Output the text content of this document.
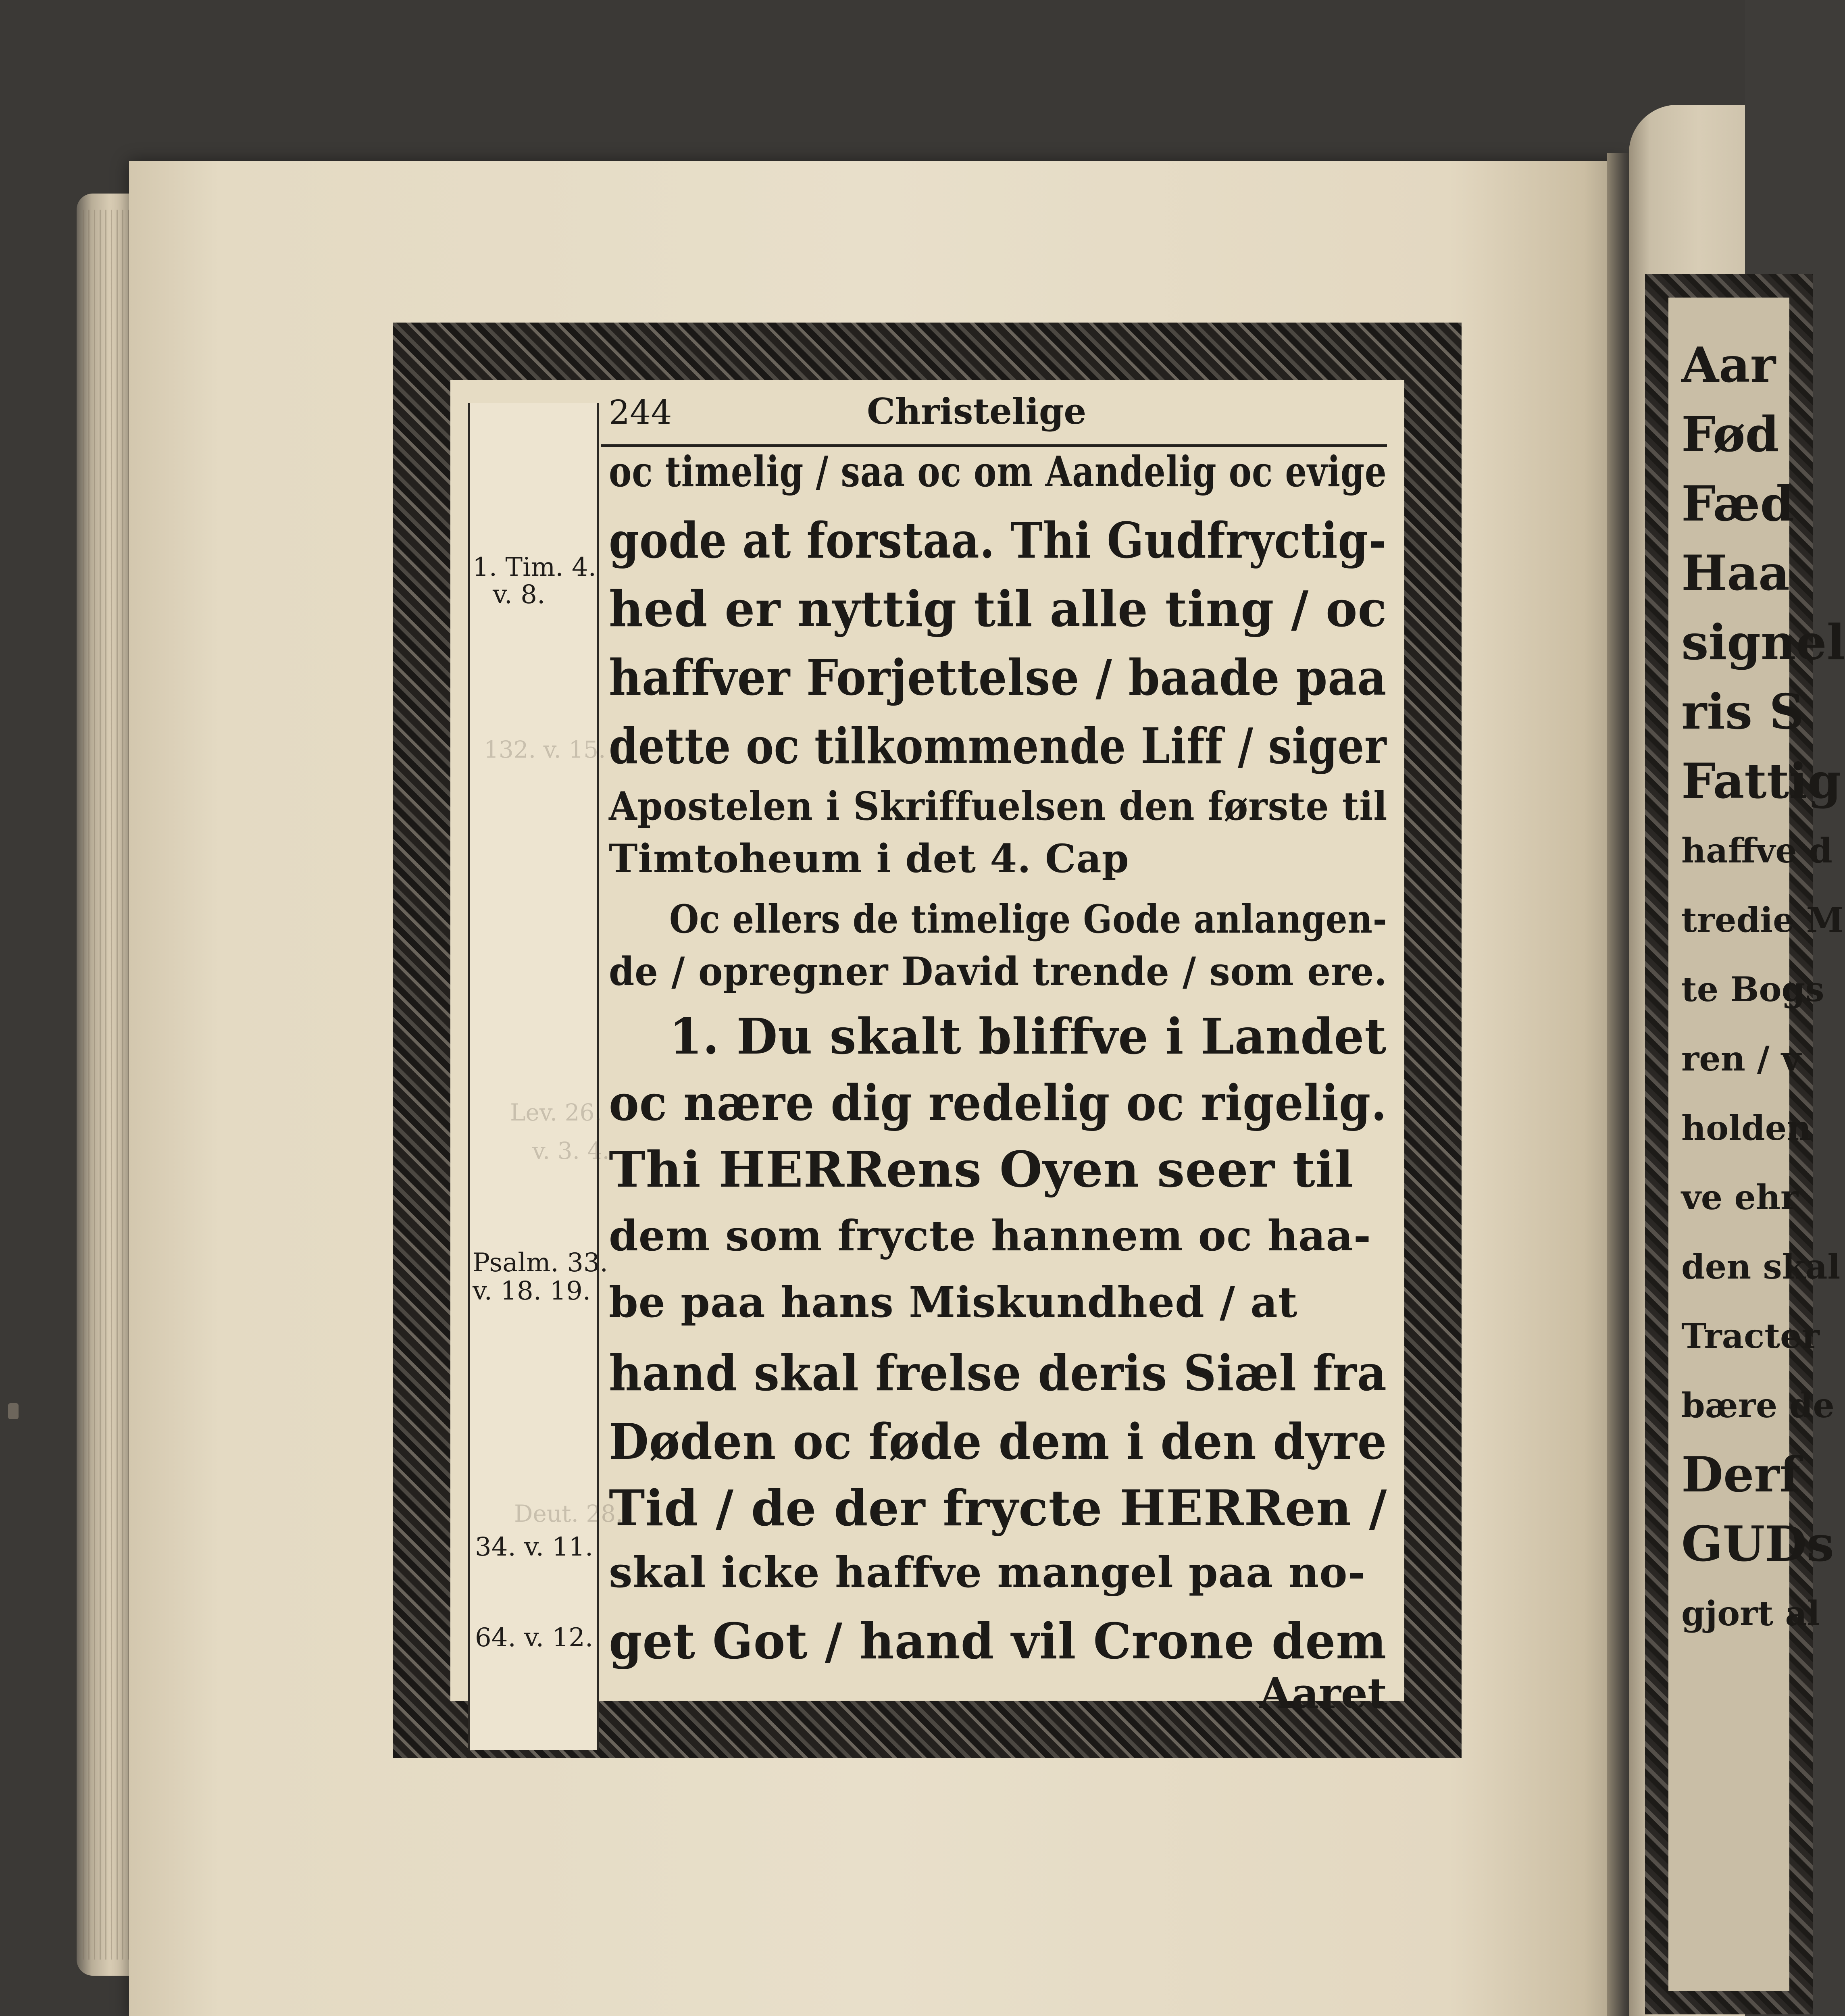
Aar
Fød
Fæd
Haa
signel
ris S
Fattig
haffve d
tredie M
te Bogs
ren / v
holden
ve ehr
den skal
Tracter
bære de
Derf
GUDs
gjort al
132. v. 15.
Lev. 26.
v. 3. 4.
Deut. 28.
1. Tim. 4.
v. 8.
Psalm. 33.
v. 18. 19.
34. v. 11.
64. v. 12.
244	Christelige
oc timelig / saa oc om Aandelig oc evige
gode at forstaa. Thi Gudfryctig-
hed er nyttig til alle ting / oc
haffver Forjettelse / baade paa
dette oc tilkommende Liff / siger
Apostelen i Skriffuelsen den første til
Timtoheum i det 4. Cap
Oc ellers de timelige Gode anlangen-
de / opregner David trende / som ere.
1. Du skalt bliffve i Landet
oc nære dig redelig oc rigelig.
Thi HERRens Oyen seer til
dem som frycte hannem oc haa-
be paa hans Miskundhed / at
hand skal frelse deris Siæl fra
Døden oc føde dem i den dyre
Tid / de der frycte HERRen /
skal icke haffve mangel paa no-
get Got / hand vil Crone dem
Aaret
